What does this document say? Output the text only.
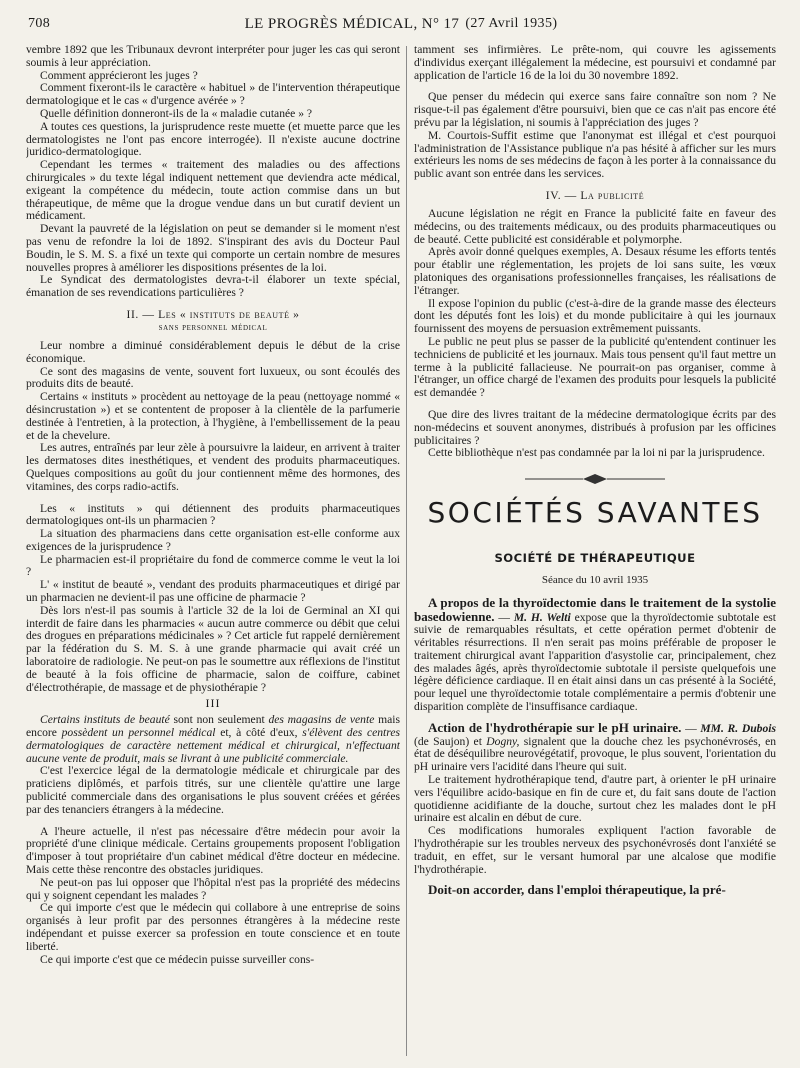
708	LE PROGRÈS MÉDICAL, N° 17 (27 Avril 1935)

vembre 1892 que les Tribunaux devront interpréter pour juger les cas qui seront soumis à leur appréciation.

Comment apprécieront les juges ?

Comment fixeront-ils le caractère « habituel » de l'intervention thérapeutique dermatologique et le cas « d'urgence avérée » ?

Quelle définition donneront-ils de la « maladie cutanée » ?

A toutes ces questions, la jurisprudence reste muette (et muette parce que les dermatologistes ne l'ont pas encore interrogée). Il n'existe aucune doctrine juridico-dermatologique.

Cependant les termes « traitement des maladies ou des affections chirurgicales » du texte légal indiquent nettement que deviendra acte médical, exigeant la compétence du médecin, toute action commise dans un but thérapeutique, de même que la drogue vendue dans un but curatif devient un médicament.

Devant la pauvreté de la législation on peut se demander si le moment n'est pas venu de refondre la loi de 1892. S'inspirant des avis du Docteur Paul Boudin, le S. M. S. a fixé un texte qui comporte un certain nombre de mesures nouvelles propres à améliorer les dispositions présentes de la loi.

Le Syndicat des dermatologistes devra-t-il élaborer un texte spécial, émanation de ses revendications particulières ?

II. — Les « instituts de beauté »
sans personnel médical

Leur nombre a diminué considérablement depuis le début de la crise économique.

Ce sont des magasins de vente, souvent fort luxueux, ou sont écoulés des produits dits de beauté.

Certains « instituts » procèdent au nettoyage de la peau (nettoyage nommé « désincrustation ») et se contentent de proposer à la clientèle de la parfumerie destinée à l'entretien, à la protection, à l'hygiène, à l'embellissement de la peau et de la chevelure.

Les autres, entraînés par leur zèle à poursuivre la laideur, en arrivent à traiter les dermatoses dites inesthétiques, et vendent des produits pharmaceutiques. Quelques compositions au goût du jour contiennent même des hormones, des vitamines, des corps radio-actifs.

Les « instituts » qui détiennent des produits pharmaceutiques dermatologiques ont-ils un pharmacien ?

La situation des pharmaciens dans cette organisation est-elle conforme aux exigences de la jurisprudence ?

Le pharmacien est-il propriétaire du fond de commerce comme le veut la loi ?

L' « institut de beauté », vendant des produits pharmaceutiques et dirigé par un pharmacien ne devient-il pas une officine de pharmacie ?

Dès lors n'est-il pas soumis à l'article 32 de la loi de Germinal an XI qui interdit de faire dans les pharmacies « aucun autre commerce ou débit que celui des drogues en préparations médicinales » ? Cet article fut rappelé dernièrement par la fédération du S. M. S. à une grande pharmacie qui avait créé un laboratoire de radiologie. Ne peut-on pas le soumettre aux réflexions de l'institut de beauté à la fois officine de pharmacie, salon de coiffure, cabinet d'électrothérapie, de massage et de physiothérapie ?

III

Certains instituts de beauté sont non seulement des magasins de vente mais encore possèdent un personnel médical et, à côté d'eux, s'élèvent des centres dermatologiques de caractère nettement médical et chirurgical, n'effectuant aucune vente de produit, mais se livrant à une publicité commerciale.

C'est l'exercice légal de la dermatologie médicale et chirurgicale par des praticiens diplômés, et parfois titrés, sur une clientèle qu'attire une large publicité commerciale dans des organisations le plus souvent créées et gérées par des tenanciers étrangers à la médecine.

A l'heure actuelle, il n'est pas nécessaire d'être médecin pour avoir la propriété d'une clinique médicale. Certains groupements proposent l'obligation d'imposer à tout propriétaire d'un cabinet médical d'être docteur en médecine. Mais cette thèse rencontre des obstacles juridiques.

Ne peut-on pas lui opposer que l'hôpital n'est pas la propriété des médecins qui y soignent cependant les malades ?

Ce qui importe c'est que le médecin qui collabore à une entreprise de soins organisés à leur profit par des personnes étrangères à la médecine reste indépendant et puisse exercer sa profession en toute conscience et en toute liberté.

Ce qui importe c'est que ce médecin puisse surveiller cons-

tamment ses infirmières. Le prête-nom, qui couvre les agissements d'individus exerçant illégalement la médecine, est poursuivi et condamné par application de l'article 16 de la loi du 30 novembre 1892.

Que penser du médecin qui exerce sans faire connaître son nom ? Ne risque-t-il pas également d'être poursuivi, bien que ce cas n'ait pas encore été prévu par la législation, ni soumis à l'appréciation des juges ?

M. Courtois-Suffit estime que l'anonymat est illégal et c'est pourquoi l'administration de l'Assistance publique n'a pas hésité à afficher sur les murs extérieurs les noms de ses médecins de façon à les porter à la connaissance du public avant son entrée dans les services.

IV. — La publicité

Aucune législation ne régit en France la publicité faite en faveur des médecins, ou des traitements médicaux, ou des produits pharmaceutiques ou de beauté. Cette publicité est considérable et polymorphe.

Après avoir donné quelques exemples, A. Desaux résume les efforts tentés pour établir une réglementation, les projets de loi sans suite, les vœux platoniques des organisations professionnelles françaises, les réalisations de l'étranger.

Il expose l'opinion du public (c'est-à-dire de la grande masse des électeurs dont les députés font les lois) et du monde publicitaire à qui les journaux fournissent des moyens de persuasion extrêmement puissants.

Le public ne peut plus se passer de la publicité qu'entendent continuer les techniciens de publicité et les journaux. Mais tous pensent qu'il faut mettre un terme à la publicité fallacieuse. Ne pourrait-on pas organiser, comme à l'étranger, un office chargé de l'examen des produits pour lesquels la publicité est demandée ?

Que dire des livres traitant de la médecine dermatologique écrits par des non-médecins et souvent anonymes, distribués à profusion par les officines publicitaires ?

Cette bibliothèque n'est pas condamnée par la loi ni par la jurisprudence.

SOCIÉTÉS SAVANTES
SOCIÉTÉ DE THÉRAPEUTIQUE
Séance du 10 avril 1935

A propos de la thyroïdectomie dans le traitement de la systolie basedowienne. — M. H. Welti expose que la thyroïdectomie subtotale est suivie de remarquables résultats, et cette opération permet d'obtenir de véritables résurrections. Il n'en serait pas moins préférable de proposer le traitement chirurgical avant l'apparition d'asystolie car, principalement, chez des malades âgés, après thyroïdectomie subtotale il persiste quelquefois une légère déficience cardiaque. Il en était ainsi dans un cas présenté à la Société, pour lequel une thyroïdectomie totale complémentaire a permis d'obtenir une disparition complète de l'insuffisance cardiaque.

Action de l'hydrothérapie sur le pH urinaire. — MM. R. Dubois (de Saujon) et Dogny, signalent que la douche chez les psychonévrosés, en état de déséquilibre neurovégétatif, provoque, le plus souvent, l'orientation du pH urinaire vers l'acidité dans l'heure qui suit.

Le traitement hydrothérapique tend, d'autre part, à orienter le pH urinaire vers l'équilibre acido-basique en fin de cure et, du fait sans doute de l'action quotidienne acidifiante de la douche, surtout chez les malades dont le pH urinaire est alcalin en début de cure.

Ces modifications humorales expliquent l'action favorable de l'hydrothérapie sur les troubles nerveux des psychonévrosés dont l'anxiété se traduit, en effet, sur le versant humoral par une alcalose que modifie l'hydrothérapie.

Doit-on accorder, dans l'emploi thérapeutique, la pré-
